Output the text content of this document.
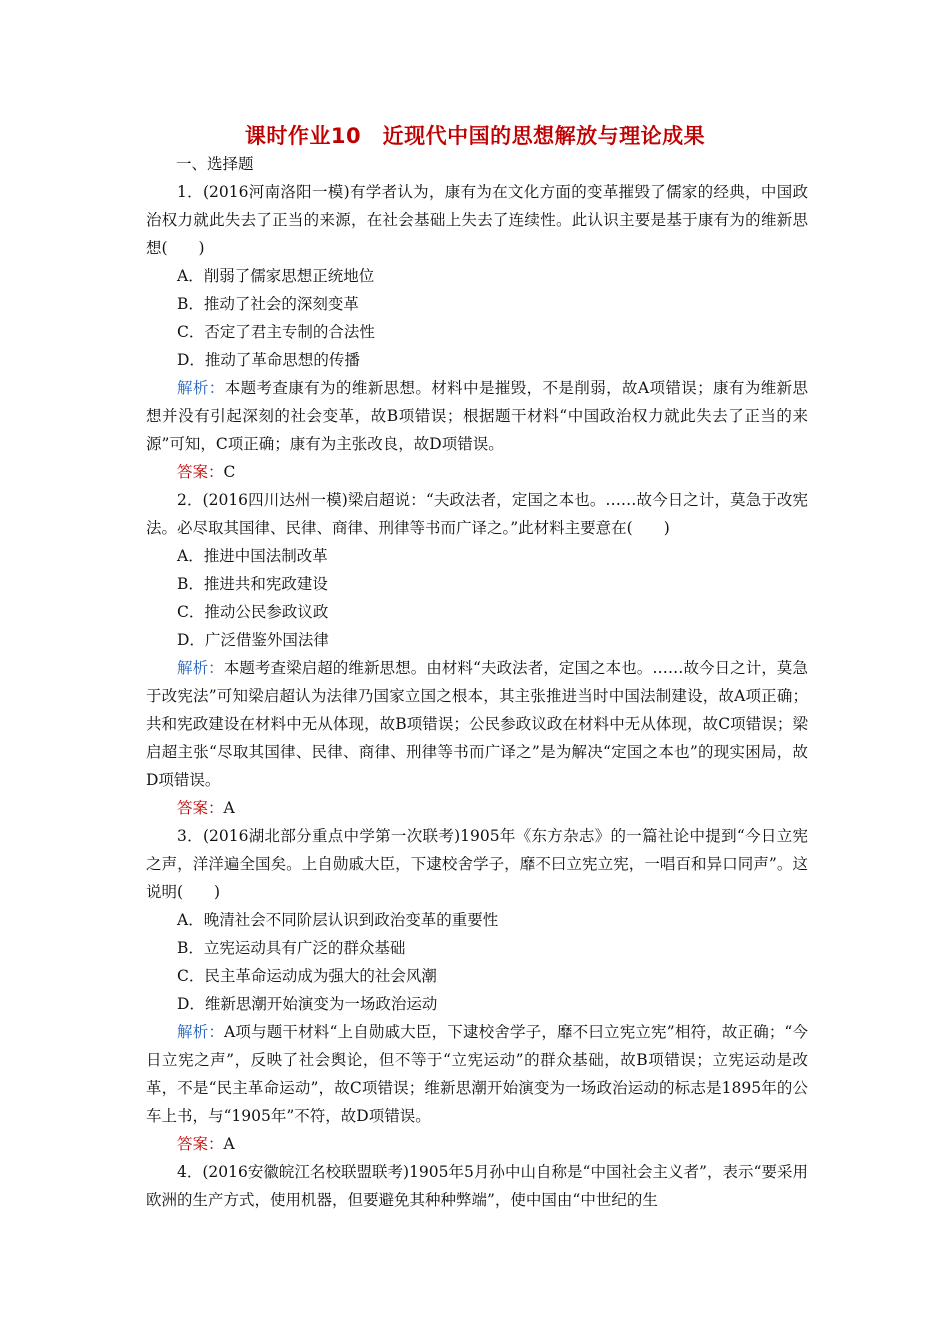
课时作业10　近现代中国的思想解放与理论成果
一、选择题

1．(2016河南洛阳一模)有学者认为，康有为在文化方面的变革摧毁了儒家的经典，中国政治权力就此失去了正当的来源，在社会基础上失去了连续性。此认识主要是基于康有为的维新思想(　　)

A．削弱了儒家思想正统地位

B．推动了社会的深刻变革

C．否定了君主专制的合法性

D．推动了革命思想的传播

解析：本题考查康有为的维新思想。材料中是摧毁，不是削弱，故A项错误；康有为维新思想并没有引起深刻的社会变革，故B项错误；根据题干材料“中国政治权力就此失去了正当的来源”可知，C项正确；康有为主张改良，故D项错误。

答案：C

2．(2016四川达州一模)梁启超说：“夫政法者，定国之本也。……故今日之计，莫急于改宪法。必尽取其国律、民律、商律、刑律等书而广译之。”此材料主要意在(　　)

A．推进中国法制改革

B．推进共和宪政建设

C．推动公民参政议政

D．广泛借鉴外国法律

解析：本题考查梁启超的维新思想。由材料“夫政法者，定国之本也。……故今日之计，莫急于改宪法”可知梁启超认为法律乃国家立国之根本，其主张推进当时中国法制建设，故A项正确；共和宪政建设在材料中无从体现，故B项错误；公民参政议政在材料中无从体现，故C项错误；梁启超主张“尽取其国律、民律、商律、刑律等书而广译之”是为解决“定国之本也”的现实困局，故D项错误。

答案：A

3．(2016湖北部分重点中学第一次联考)1905年《东方杂志》的一篇社论中提到“今日立宪之声，洋洋遍全国矣。上自勋戚大臣，下逮校舍学子，靡不曰立宪立宪，一唱百和异口同声”。这说明(　　)

A．晚清社会不同阶层认识到政治变革的重要性

B．立宪运动具有广泛的群众基础

C．民主革命运动成为强大的社会风潮

D．维新思潮开始演变为一场政治运动

解析：A项与题干材料“上自勋戚大臣，下逮校舍学子，靡不曰立宪立宪”相符，故正确；“今日立宪之声”，反映了社会舆论，但不等于“立宪运动”的群众基础，故B项错误；立宪运动是改革，不是“民主革命运动”，故C项错误；维新思潮开始演变为一场政治运动的标志是1895年的公车上书，与“1905年”不符，故D项错误。

答案：A

4．(2016安徽皖江名校联盟联考)1905年5月孙中山自称是“中国社会主义者”，表示“要采用欧洲的生产方式，使用机器，但要避免其种种弊端”，使中国由“中世纪的生
